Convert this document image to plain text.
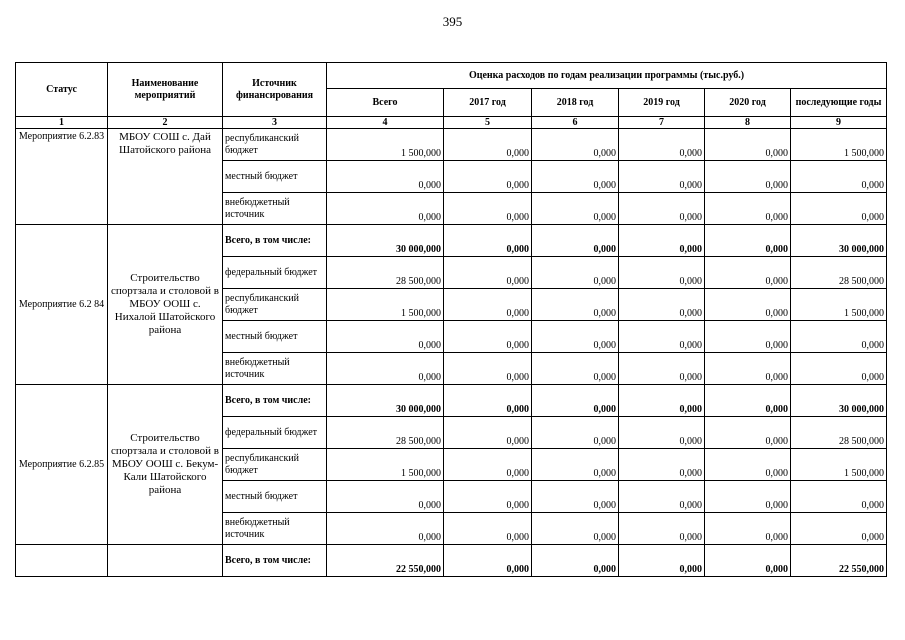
395
Статус	Наименование мероприятий	Источник финансирования	Оценка расходов по годам реализации программы (тыс.руб.)					
			Всего	2017 год	2018 год	2019 год	2020 год	последующие годы
1	2	3	4	5	6	7	8	9
Мероприятие 6.2.83	МБОУ СОШ с. Дай Шатойского района	республиканский бюджет	1 500,000	0,000	0,000	0,000	0,000	1 500,000
		местный бюджет	0,000	0,000	0,000	0,000	0,000	0,000
		внебюджетный источник	0,000	0,000	0,000	0,000	0,000	0,000
Мероприятие 6.2 84	Строительство спортзала и столовой в МБОУ ООШ с. Нихалой Шатойского района	Всего, в том числе:	30 000,000	0,000	0,000	0,000	0,000	30 000,000
		федеральный бюджет	28 500,000	0,000	0,000	0,000	0,000	28 500,000
		республиканский бюджет	1 500,000	0,000	0,000	0,000	0,000	1 500,000
		местный бюджет	0,000	0,000	0,000	0,000	0,000	0,000
		внебюджетный источник	0,000	0,000	0,000	0,000	0,000	0,000
Мероприятие 6.2.85	Строительство спортзала и столовой в МБОУ ООШ с. Бекум-Кали Шатойского района	Всего, в том числе:	30 000,000	0,000	0,000	0,000	0,000	30 000,000
		федеральный бюджет	28 500,000	0,000	0,000	0,000	0,000	28 500,000
		республиканский бюджет	1 500,000	0,000	0,000	0,000	0,000	1 500,000
		местный бюджет	0,000	0,000	0,000	0,000	0,000	0,000
		внебюджетный источник	0,000	0,000	0,000	0,000	0,000	0,000
		Всего, в том числе:	22 550,000	0,000	0,000	0,000	0,000	22 550,000
